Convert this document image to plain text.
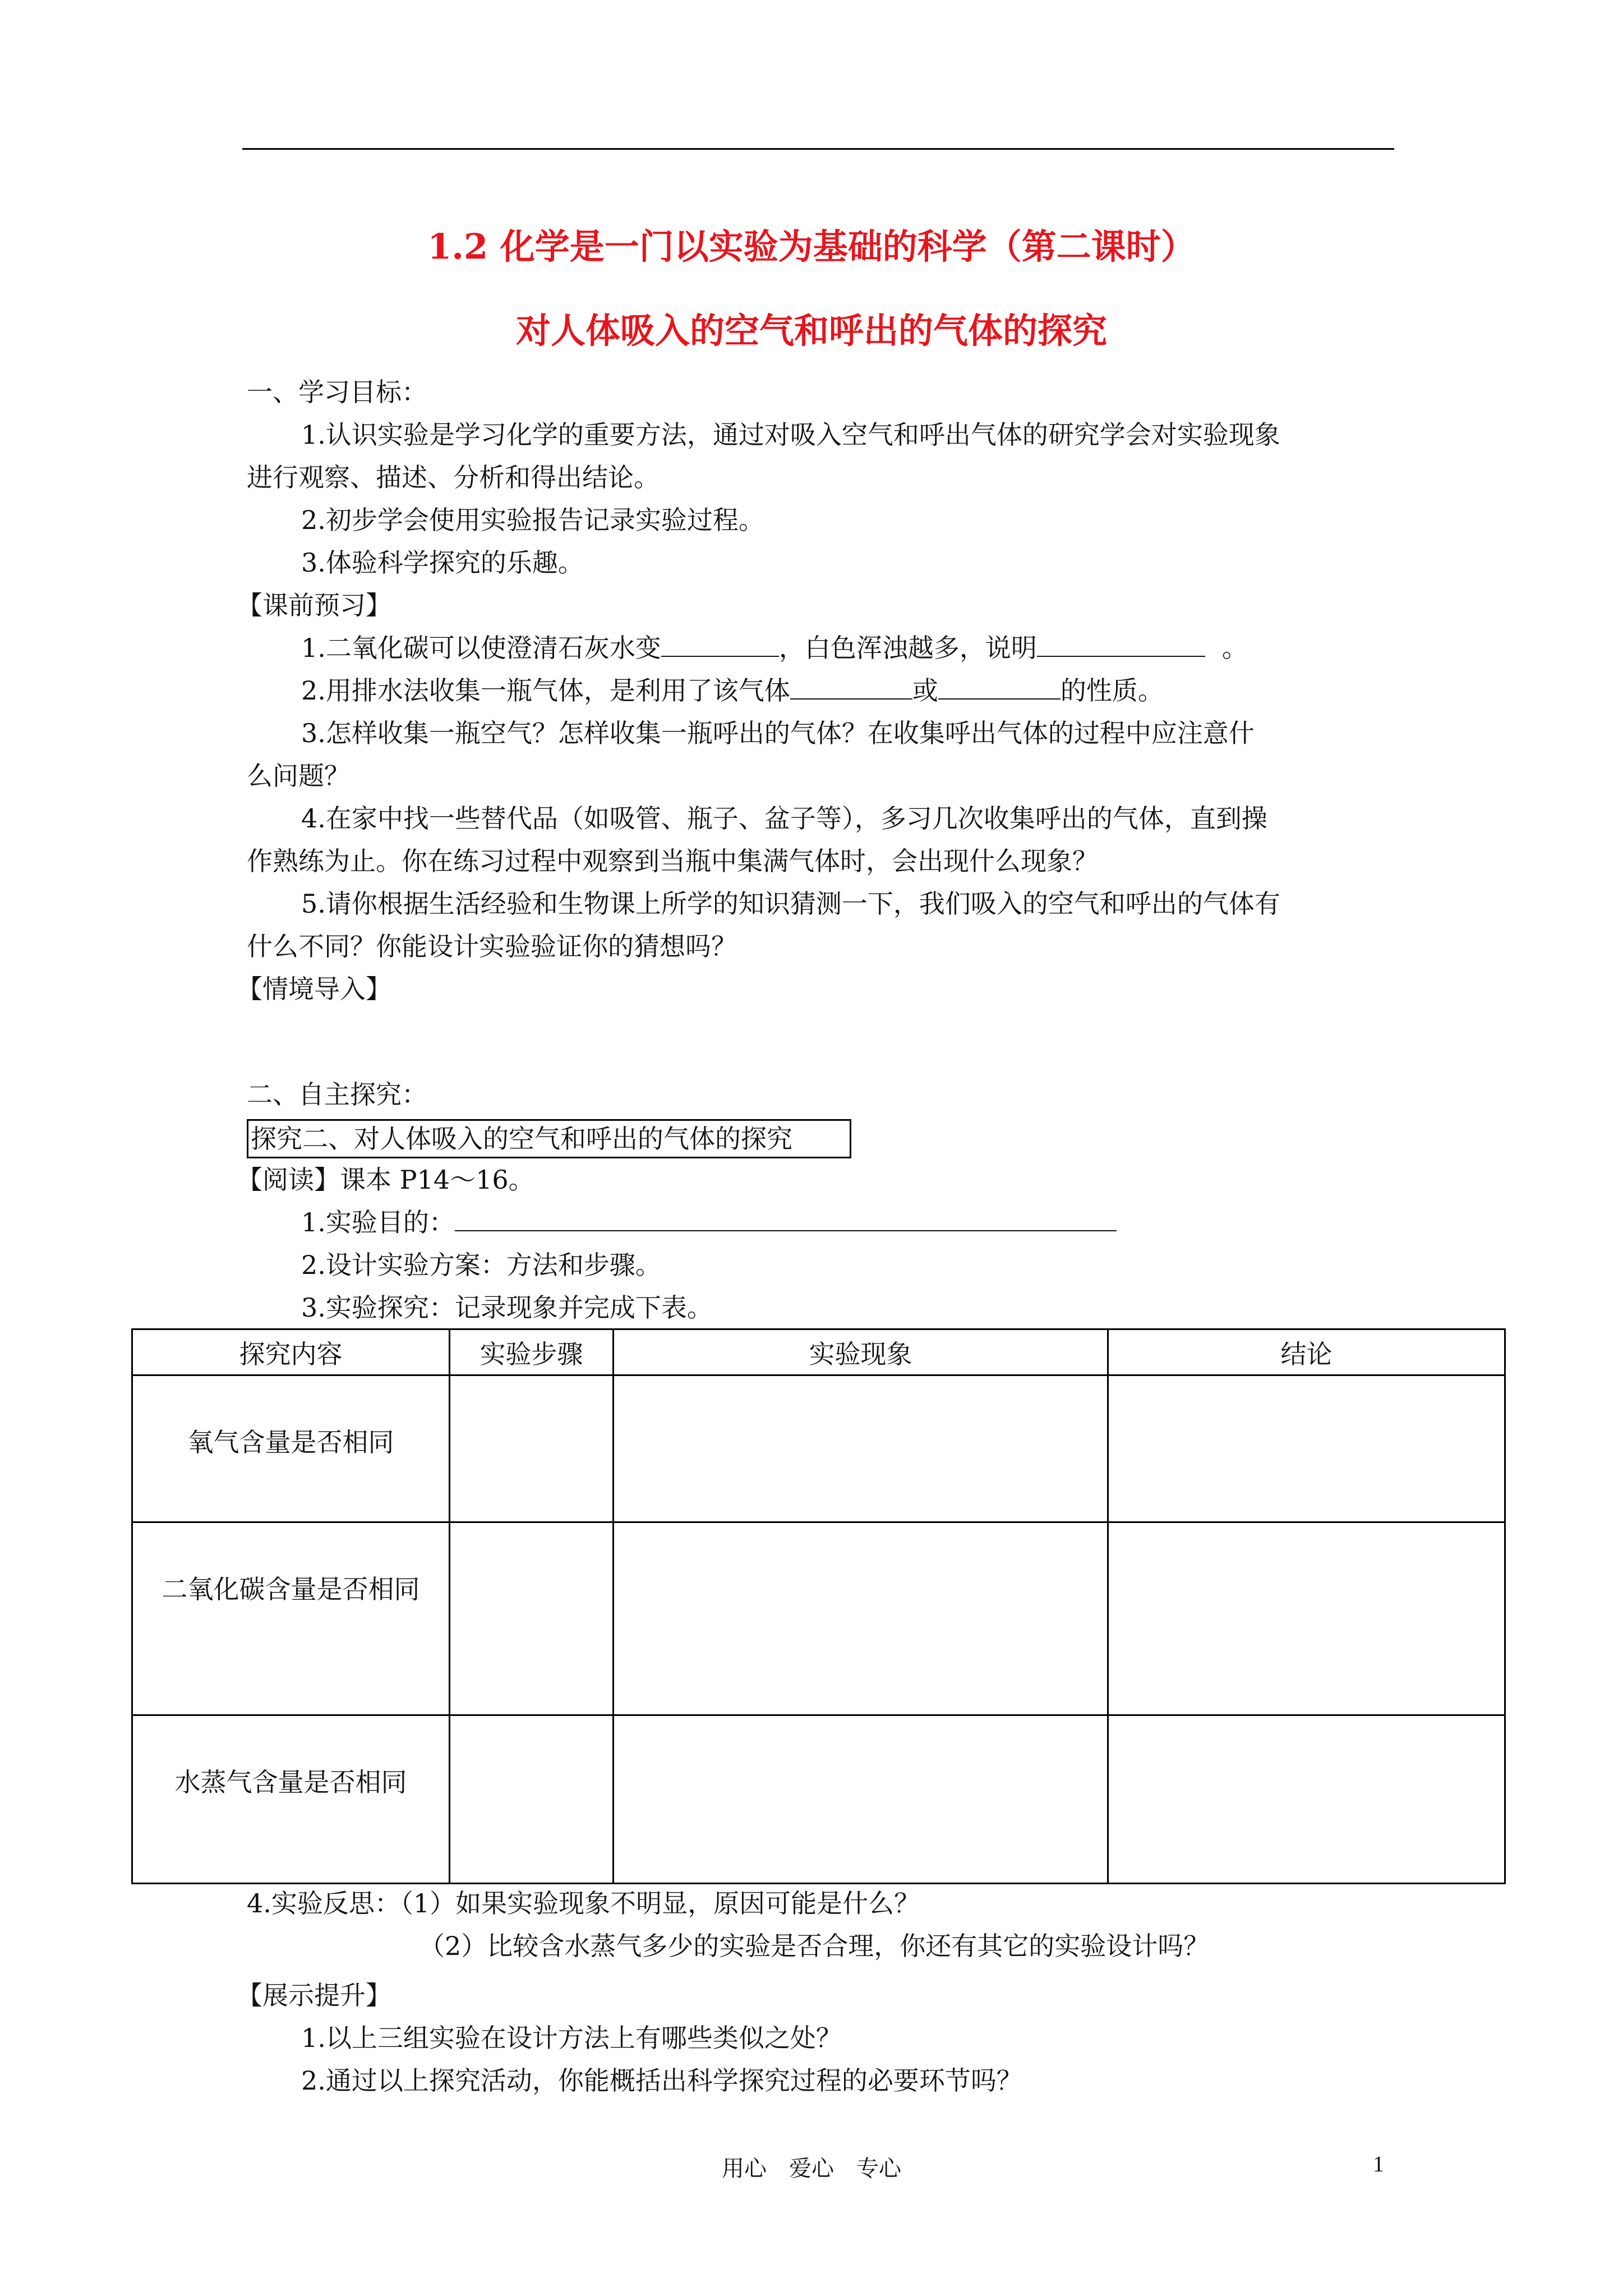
1.2 化学是一门以实验为基础的科学（第二课时）
对人体吸入的空气和呼出的气体的探究
一、学习目标：
1.认识实验是学习化学的重要方法，通过对吸入空气和呼出气体的研究学会对实验现象
进行观察、描述、分析和得出结论。
2.初步学会使用实验报告记录实验过程。
3.体验科学探究的乐趣。
【课前预习】
1.二氧化碳可以使澄清石灰水变	，白色浑浊越多，说明	。
2.用排水法收集一瓶气体，是利用了该气体	或	的性质。
3.怎样收集一瓶空气？怎样收集一瓶呼出的气体？在收集呼出气体的过程中应注意什
么问题？
4.在家中找一些替代品（如吸管、瓶子、盆子等），多习几次收集呼出的气体，直到操
作熟练为止。你在练习过程中观察到当瓶中集满气体时，会出现什么现象？
5.请你根据生活经验和生物课上所学的知识猜测一下，我们吸入的空气和呼出的气体有
什么不同？你能设计实验验证你的猜想吗？
【情境导入】
二、自主探究：
探究二、对人体吸入的空气和呼出的气体的探究
【阅读】课本 P14～16。
1.实验目的：
2.设计实验方案：方法和步骤。
3.实验探究：记录现象并完成下表。
探究内容	实验步骤	实验现象	结论
氧气含量是否相同			
二氧化碳含量是否相同			
水蒸气含量是否相同			
4.实验反思：（1）如果实验现象不明显，原因可能是什么？
（2）比较含水蒸气多少的实验是否合理，你还有其它的实验设计吗？
【展示提升】
1.以上三组实验在设计方法上有哪些类似之处？
2.通过以上探究活动，你能概括出科学探究过程的必要环节吗？
用心　爱心　专心	1
